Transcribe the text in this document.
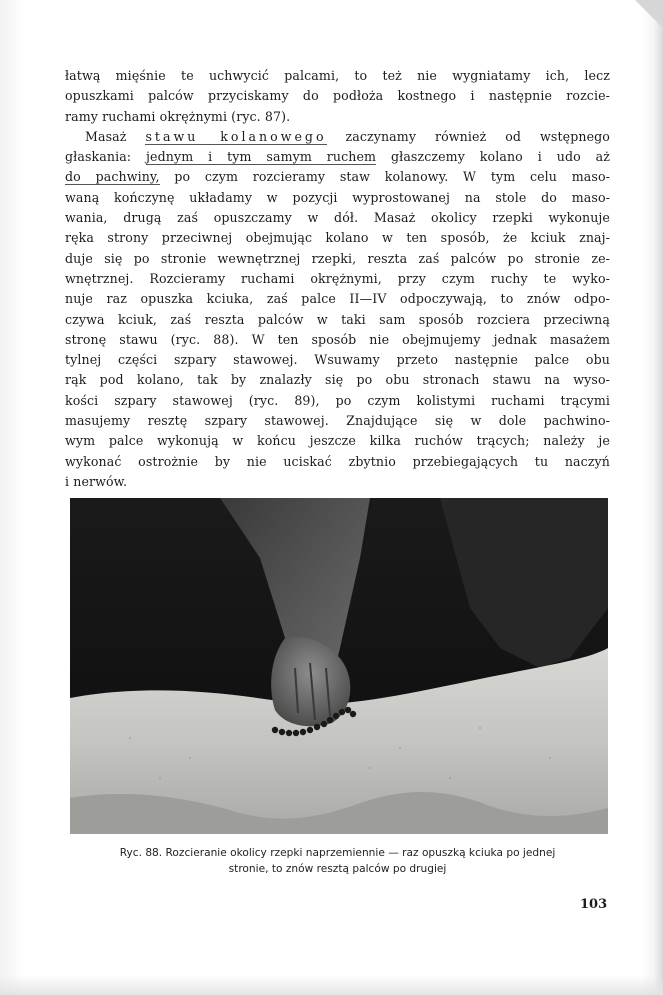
łatwą mięśnie te uchwycić palcami, to też nie wygniatamy ich, lecz
opuszkami palców przyciskamy do podłoża kostnego i następnie rozcie-
ramy ruchami okrężnymi (ryc. 87).
Masaż stawu kolanowego zaczynamy również od wstępnego
głaskania: jednym i tym samym ruchem głaszczemy kolano i udo aż
do pachwiny, po czym rozcieramy staw kolanowy. W tym celu maso-
waną kończynę układamy w pozycji wyprostowanej na stole do maso-
wania, drugą zaś opuszczamy w dół. Masaż okolicy rzepki wykonuje
ręka strony przeciwnej obejmując kolano w ten sposób, że kciuk znaj-
duje się po stronie wewnętrznej rzepki, reszta zaś palców po stronie ze-
wnętrznej. Rozcieramy ruchami okrężnymi, przy czym ruchy te wyko-
nuje raz opuszka kciuka, zaś palce II—IV odpoczywają, to znów odpo-
czywa kciuk, zaś reszta palców w taki sam sposób rozciera przeciwną
stronę stawu (ryc. 88). W ten sposób nie obejmujemy jednak masażem
tylnej części szpary stawowej. Wsuwamy przeto następnie palce obu
rąk pod kolano, tak by znalazły się po obu stronach stawu na wyso-
kości szpary stawowej (ryc. 89), po czym kolistymi ruchami trącymi
masujemy resztę szpary stawowej. Znajdujące się w dole pachwino-
wym palce wykonują w końcu jeszcze kilka ruchów trących; należy je
wykonać ostrożnie by nie uciskać zbytnio przebiegających tu naczyń
i nerwów.
Ryc. 88. Rozcieranie okolicy rzepki naprzemiennie — raz opuszką kciuka po jednej
stronie, to znów resztą palców po drugiej
103
